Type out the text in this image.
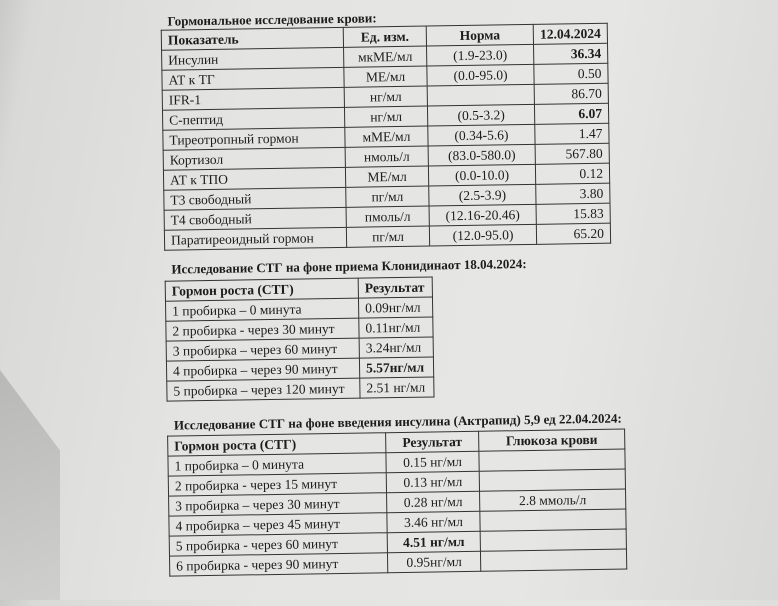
Гормональное исследование крови:
Показатель	Ед. изм.	Норма	12.04.2024
Инсулин	мкМЕ/мл	(1.9-23.0)	36.34
АТ к ТГ	МЕ/мл	(0.0-95.0)	0.50
IFR-1	нг/мл		86.70
С-пептид	нг/мл	(0.5-3.2)	6.07
Тиреотропный гормон	мМЕ/мл	(0.34-5.6)	1.47
Кортизол	нмоль/л	(83.0-580.0)	567.80
АТ к ТПО	МЕ/мл	(0.0-10.0)	0.12
Т3 свободный	пг/мл	(2.5-3.9)	3.80
Т4 свободный	пмоль/л	(12.16-20.46)	15.83
Паратиреоидный гормон	пг/мл	(12.0-95.0)	65.20
Исследование СТГ на фоне приема Клонидинаот 18.04.2024:
Гормон роста (СТГ)	Результат
1 пробирка – 0 минута	0.09нг/мл
2 пробирка - через 30 минут	0.11нг/мл
3 пробирка – через 60 минут	3.24нг/мл
4 пробирка – через 90 минут	5.57нг/мл
5 пробирка – через 120 минут	2.51 нг/мл
Исследование СТГ на фоне введения инсулина (Актрапид) 5,9 ед 22.04.2024:
Гормон роста (СТГ)	Результат	Глюкоза крови
1 пробирка – 0 минута	0.15 нг/мл	
2 пробирка - через 15 минут	0.13 нг/мл	
3 пробирка – через 30 минут	0.28 нг/мл	2.8 ммоль/л
4 пробирка – через 45 минут	3.46 нг/мл	
5 пробирка - через 60 минут	4.51 нг/мл	
6 пробирка - через 90 минут	0.95нг/мл	
